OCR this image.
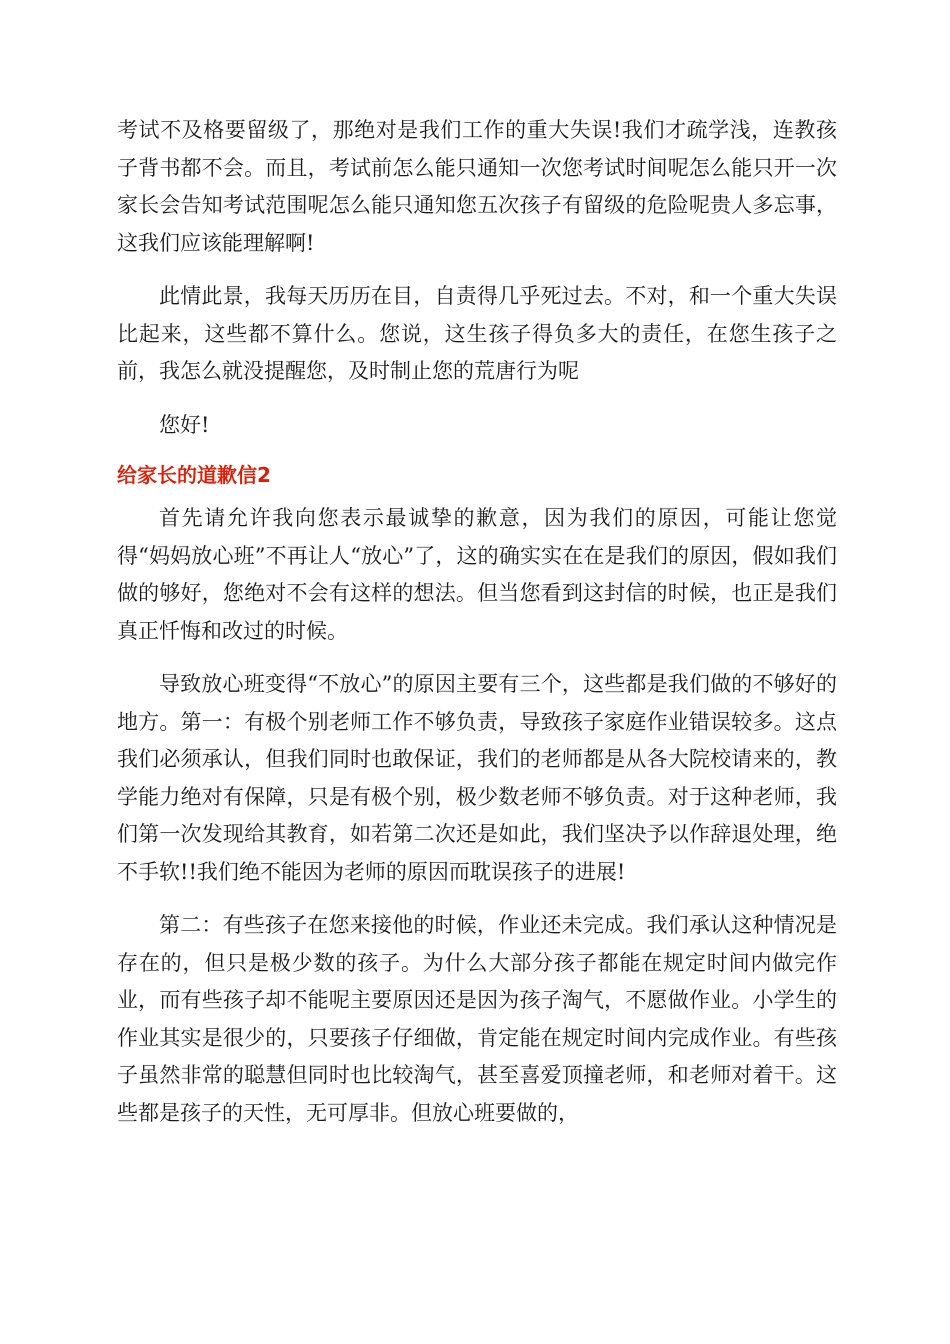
考试不及格要留级了，那绝对是我们工作的重大失误!我们才疏学浅，连教孩子背书都不会。而且，考试前怎么能只通知一次您考试时间呢怎么能只开一次家长会告知考试范围呢怎么能只通知您五次孩子有留级的危险呢贵人多忘事，这我们应该能理解啊!

此情此景，我每天历历在目，自责得几乎死过去。不对，和一个重大失误比起来，这些都不算什么。您说，这生孩子得负多大的责任，在您生孩子之前，我怎么就没提醒您，及时制止您的荒唐行为呢

您好!

给家长的道歉信2

首先请允许我向您表示最诚挚的歉意，因为我们的原因，可能让您觉得“妈妈放心班”不再让人“放心”了，这的确实实在在是我们的原因，假如我们做的够好，您绝对不会有这样的想法。但当您看到这封信的时候，也正是我们真正忏悔和改过的时候。

导致放心班变得“不放心”的原因主要有三个，这些都是我们做的不够好的地方。第一：有极个别老师工作不够负责，导致孩子家庭作业错误较多。这点我们必须承认，但我们同时也敢保证，我们的老师都是从各大院校请来的，教学能力绝对有保障，只是有极个别，极少数老师不够负责。对于这种老师，我们第一次发现给其教育，如若第二次还是如此，我们坚决予以作辞退处理，绝不手软!!我们绝不能因为老师的原因而耽误孩子的进展!

第二：有些孩子在您来接他的时候，作业还未完成。我们承认这种情况是存在的，但只是极少数的孩子。为什么大部分孩子都能在规定时间内做完作业，而有些孩子却不能呢主要原因还是因为孩子淘气，不愿做作业。小学生的作业其实是很少的，只要孩子仔细做，肯定能在规定时间内完成作业。有些孩子虽然非常的聪慧但同时也比较淘气，甚至喜爱顶撞老师，和老师对着干。这些都是孩子的天性，无可厚非。但放心班要做的，
